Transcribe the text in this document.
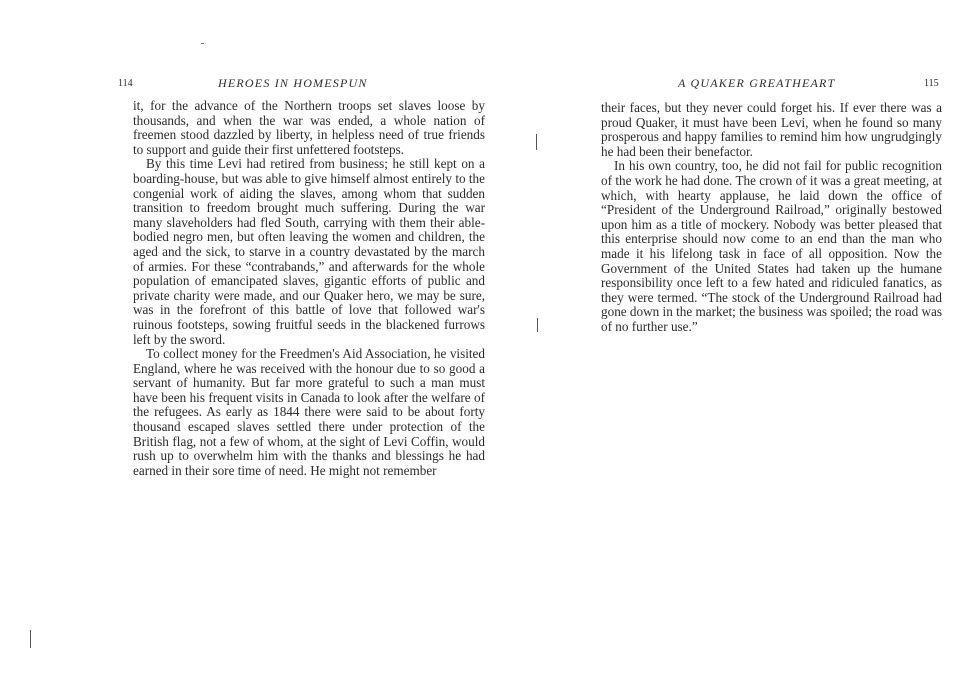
114	HEROES IN HOMESPUN

it, for the advance of the Northern troops set slaves loose by thousands, and when the war was ended, a whole nation of freemen stood dazzled by liberty, in helpless need of true friends to support and guide their first unfettered footsteps.

By this time Levi had retired from business; he still kept on a boarding-house, but was able to give himself almost entirely to the congenial work of aiding the slaves, among whom that sudden transition to freedom brought much suffering. During the war many slaveholders had fled South, carrying with them their able-bodied negro men, but often leaving the women and children, the aged and the sick, to starve in a country devastated by the march of armies. For these “contrabands,” and afterwards for the whole population of emancipated slaves, gigantic efforts of public and private charity were made, and our Quaker hero, we may be sure, was in the forefront of this battle of love that followed war's ruinous footsteps, sowing fruitful seeds in the blackened furrows left by the sword.

To collect money for the Freedmen's Aid Association, he visited England, where he was received with the honour due to so good a servant of humanity. But far more grateful to such a man must have been his frequent visits in Canada to look after the welfare of the refugees. As early as 1844 there were said to be about forty thousand escaped slaves settled there under protection of the British flag, not a few of whom, at the sight of Levi Coffin, would rush up to overwhelm him with the thanks and blessings he had earned in their sore time of need. He might not remember

A QUAKER GREATHEART	115

their faces, but they never could forget his. If ever there was a proud Quaker, it must have been Levi, when he found so many prosperous and happy families to remind him how ungrudgingly he had been their benefactor.

In his own country, too, he did not fail for public recognition of the work he had done. The crown of it was a great meeting, at which, with hearty applause, he laid down the office of “President of the Underground Railroad,” originally bestowed upon him as a title of mockery. Nobody was better pleased that this enterprise should now come to an end than the man who made it his lifelong task in face of all opposition. Now the Government of the United States had taken up the humane responsibility once left to a few hated and ridiculed fanatics, as they were termed. “The stock of the Underground Railroad had gone down in the market; the business was spoiled; the road was of no further use.”
